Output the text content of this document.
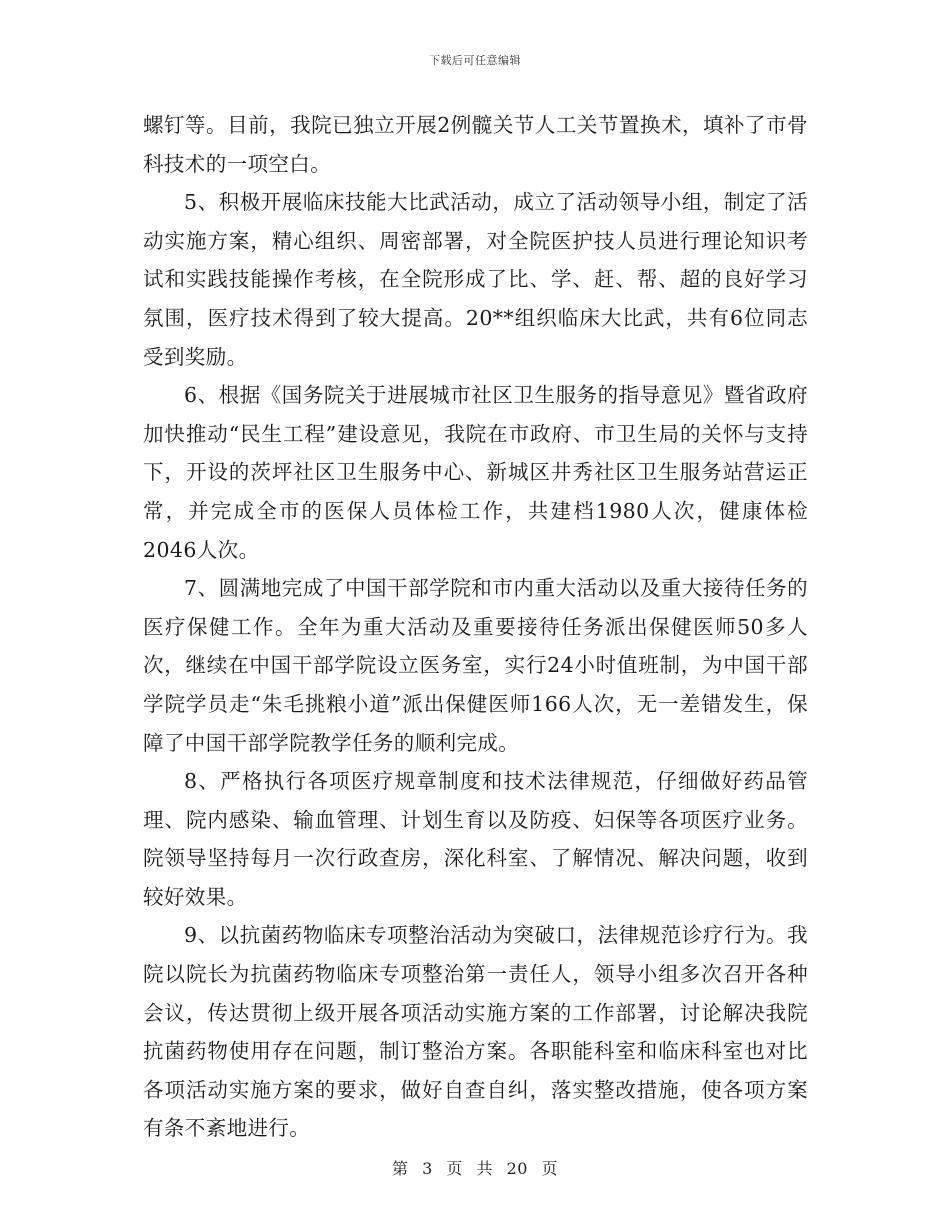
下载后可任意编辑

螺钉等。目前，我院已独立开展2例髋关节人工关节置换术，填补了市骨科技术的一项空白。

5、积极开展临床技能大比武活动，成立了活动领导小组，制定了活动实施方案，精心组织、周密部署，对全院医护技人员进行理论知识考试和实践技能操作考核，在全院形成了比、学、赶、帮、超的良好学习氛围，医疗技术得到了较大提高。20**组织临床大比武，共有6位同志受到奖励。

6、根据《国务院关于进展城市社区卫生服务的指导意见》暨省政府加快推动“民生工程”建设意见，我院在市政府、市卫生局的关怀与支持下，开设的茨坪社区卫生服务中心、新城区井秀社区卫生服务站营运正常，并完成全市的医保人员体检工作，共建档1980人次，健康体检2046人次。

7、圆满地完成了中国干部学院和市内重大活动以及重大接待任务的医疗保健工作。全年为重大活动及重要接待任务派出保健医师50多人次，继续在中国干部学院设立医务室，实行24小时值班制，为中国干部学院学员走“朱毛挑粮小道”派出保健医师166人次，无一差错发生，保障了中国干部学院教学任务的顺利完成。

8、严格执行各项医疗规章制度和技术法律规范，仔细做好药品管理、院内感染、输血管理、计划生育以及防疫、妇保等各项医疗业务。院领导坚持每月一次行政查房，深化科室、了解情况、解决问题，收到较好效果。

9、以抗菌药物临床专项整治活动为突破口，法律规范诊疗行为。我院以院长为抗菌药物临床专项整治第一责任人，领导小组多次召开各种会议，传达贯彻上级开展各项活动实施方案的工作部署，讨论解决我院抗菌药物使用存在问题，制订整治方案。各职能科室和临床科室也对比各项活动实施方案的要求，做好自查自纠，落实整改措施，使各项方案有条不紊地进行。

第 3 页 共 20 页
